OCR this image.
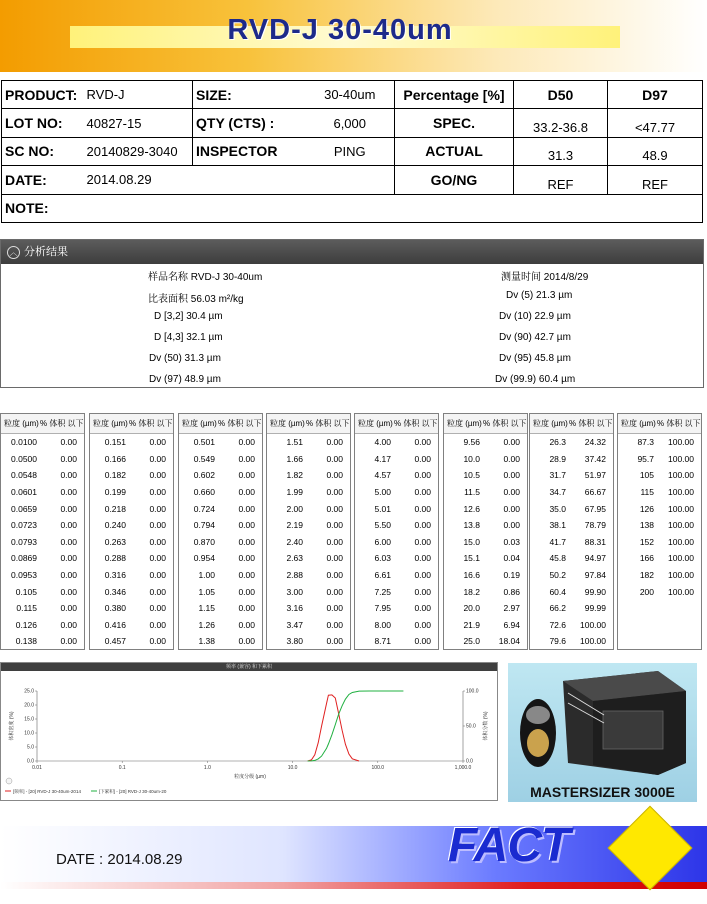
RVD-J 30-40um
PRODUCT:	RVD-J	SIZE:	30-40um	Percentage [%]	D50	D97
LOT NO:	40827-15	QTY (CTS) :	6,000	SPEC.	33.2-36.8	<47.77
SC NO:	20140829-3040	INSPECTOR	PING	ACTUAL	31.3	48.9
DATE:	2014.08.29			GO/NG	REF	REF
NOTE:						
︿ 分析结果
样品名称 RVD-J 30-40um
比表面积 56.03 m²/kg
D [3,2] 30.4 µm
D [4,3] 32.1 µm
Dv (50) 31.3 µm
Dv (97) 48.9 µm
测量时间 2014/8/29
Dv (5) 21.3 µm
Dv (10) 22.9 µm
Dv (90) 42.7 µm
Dv (95) 45.8 µm
Dv (99.9) 60.4 µm
粒度 (µm) % 体积 以下
0.0100	0.00
0.0500	0.00
0.0548	0.00
0.0601	0.00
0.0659	0.00
0.0723	0.00
0.0793	0.00
0.0869	0.00
0.0953	0.00
0.105	0.00
0.115	0.00
0.126	0.00
0.138	0.00
粒度 (µm) % 体积 以下
0.151	0.00
0.166	0.00
0.182	0.00
0.199	0.00
0.218	0.00
0.240	0.00
0.263	0.00
0.288	0.00
0.316	0.00
0.346	0.00
0.380	0.00
0.416	0.00
0.457	0.00
粒度 (µm) % 体积 以下
0.501	0.00
0.549	0.00
0.602	0.00
0.660	0.00
0.724	0.00
0.794	0.00
0.870	0.00
0.954	0.00
1.00	0.00
1.05	0.00
1.15	0.00
1.26	0.00
1.38	0.00
粒度 (µm) % 体积 以下
1.51	0.00
1.66	0.00
1.82	0.00
1.99	0.00
2.00	0.00
2.19	0.00
2.40	0.00
2.63	0.00
2.88	0.00
3.00	0.00
3.16	0.00
3.47	0.00
3.80	0.00
粒度 (µm) % 体积 以下
4.00	0.00
4.17	0.00
4.57	0.00
5.00	0.00
5.01	0.00
5.50	0.00
6.00	0.00
6.03	0.00
6.61	0.00
7.25	0.00
7.95	0.00
8.00	0.00
8.71	0.00
粒度 (µm) % 体积 以下
9.56	0.00
10.0	0.00
10.5	0.00
11.5	0.00
12.6	0.00
13.8	0.00
15.0	0.03
15.1	0.04
16.6	0.19
18.2	0.86
20.0	2.97
21.9	6.94
25.0	18.04
粒度 (µm) % 体积 以下
26.3	24.32
28.9	37.42
31.7	51.97
34.7	66.67
35.0	67.95
38.1	78.79
41.7	88.31
45.8	94.97
50.2	97.84
60.4	99.90
66.2	99.99
72.6	100.00
79.6	100.00
粒度 (µm) % 体积 以下
87.3	100.00
95.7	100.00
105	100.00
115	100.00
126	100.00
138	100.00
152	100.00
166	100.00
182	100.00
200	100.00
频率 (兼容) 和下累积
0.01	0.1	1.0	10.0	100.0	1,000.0
0.0
5.0
10.0
15.0
20.0
25.0
0.0
50.0
100.0
粒度分级 (µm)
体积密度 (%)	体积分数 (%)
[频率] - [20] RVD-J 30-40um-2014	[下累积] - [20] RVD-J 30-40um-20	MASTERSIZER 3000E
DATE : 2014.08.29	FACT
